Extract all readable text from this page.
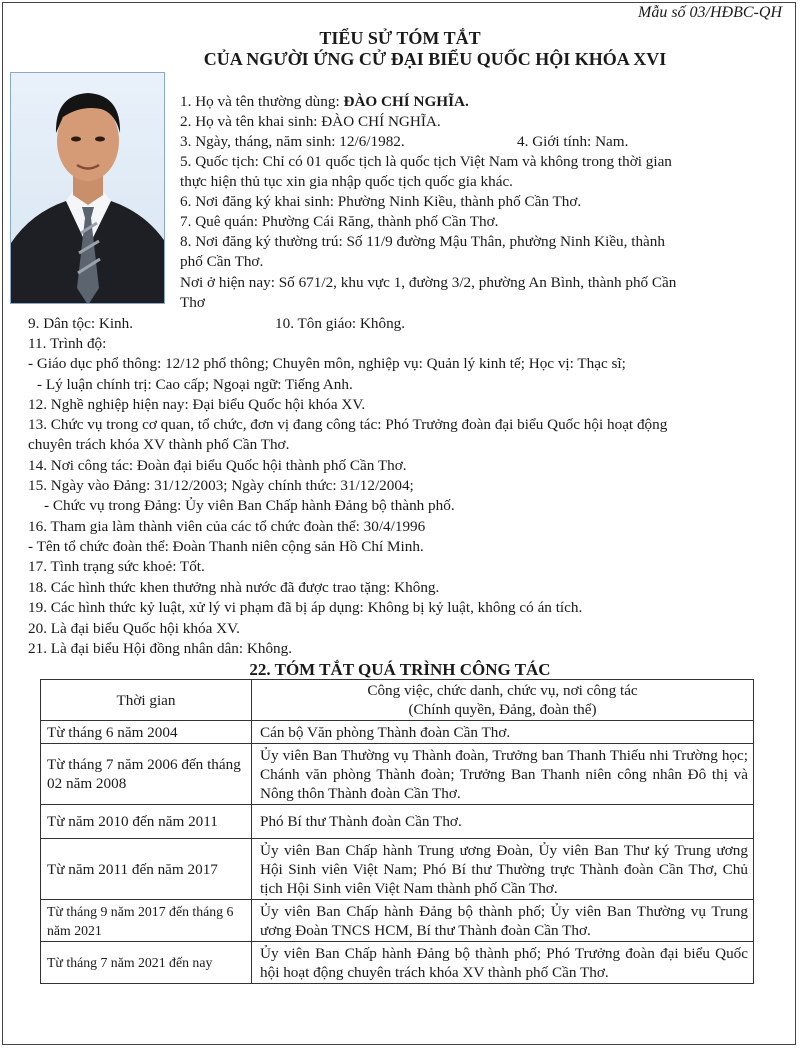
Mẫu số 03/HĐBC-QH
TIỂU SỬ TÓM TẮT
CỦA NGƯỜI ỨNG CỬ ĐẠI BIỂU QUỐC HỘI KHÓA XVI
1. Họ và tên thường dùng: ĐÀO CHÍ NGHĨA.
2. Họ và tên khai sinh: ĐÀO CHÍ NGHĨA.
3. Ngày, tháng, năm sinh: 12/6/1982.	4. Giới tính: Nam.
5. Quốc tịch: Chỉ có 01 quốc tịch là quốc tịch Việt Nam và không trong thời gian
thực hiện thủ tục xin gia nhập quốc tịch quốc gia khác.
6. Nơi đăng ký khai sinh: Phường Ninh Kiều, thành phố Cần Thơ.
7. Quê quán: Phường Cái Răng, thành phố Cần Thơ.
8. Nơi đăng ký thường trú: Số 11/9 đường Mậu Thân, phường Ninh Kiều, thành
phố Cần Thơ.
Nơi ở hiện nay: Số 671/2, khu vực 1, đường 3/2, phường An Bình, thành phố Cần
Thơ
9. Dân tộc: Kinh.	10. Tôn giáo: Không.
11. Trình độ:
- Giáo dục phổ thông: 12/12 phổ thông; Chuyên môn, nghiệp vụ: Quản lý kinh tế; Học vị: Thạc sĩ;
- Lý luận chính trị: Cao cấp; Ngoại ngữ: Tiếng Anh.
12. Nghề nghiệp hiện nay: Đại biểu Quốc hội khóa XV.
13. Chức vụ trong cơ quan, tổ chức, đơn vị đang công tác: Phó Trưởng đoàn đại biểu Quốc hội hoạt động
chuyên trách khóa XV thành phố Cần Thơ.
14. Nơi công tác: Đoàn đại biểu Quốc hội thành phố Cần Thơ.
15. Ngày vào Đảng: 31/12/2003; Ngày chính thức: 31/12/2004;
- Chức vụ trong Đảng: Ủy viên Ban Chấp hành Đảng bộ thành phố.
16. Tham gia làm thành viên của các tổ chức đoàn thể: 30/4/1996
- Tên tổ chức đoàn thể: Đoàn Thanh niên cộng sản Hồ Chí Minh.
17. Tình trạng sức khoẻ: Tốt.
18. Các hình thức khen thưởng nhà nước đã được trao tặng: Không.
19. Các hình thức kỷ luật, xử lý vi phạm đã bị áp dụng: Không bị kỷ luật, không có án tích.
20. Là đại biểu Quốc hội khóa XV.
21. Là đại biểu Hội đồng nhân dân: Không.
22. TÓM TẮT QUÁ TRÌNH CÔNG TÁC
Thời gian	Công việc, chức danh, chức vụ, nơi công tác
(Chính quyền, Đảng, đoàn thể)

Từ tháng 6 năm 2004	Cán bộ Văn phòng Thành đoàn Cần Thơ.
Từ tháng 7 năm 2006 đến tháng 02 năm 2008	Ủy viên Ban Thường vụ Thành đoàn, Trưởng ban Thanh Thiếu nhi Trường học; Chánh văn phòng Thành đoàn; Trưởng Ban Thanh niên công nhân Đô thị và Nông thôn Thành đoàn Cần Thơ.
Từ năm 2010 đến năm 2011	Phó Bí thư Thành đoàn Cần Thơ.
Từ năm 2011 đến năm 2017	Ủy viên Ban Chấp hành Trung ương Đoàn, Ủy viên Ban Thư ký Trung ương Hội Sinh viên Việt Nam; Phó Bí thư Thường trực Thành đoàn Cần Thơ, Chủ tịch Hội Sinh viên Việt Nam thành phố Cần Thơ.
Từ tháng 9 năm 2017 đến tháng 6 năm 2021	Ủy viên Ban Chấp hành Đảng bộ thành phố; Ủy viên Ban Thường vụ Trung ương Đoàn TNCS HCM, Bí thư Thành đoàn Cần Thơ.
Từ tháng 7 năm 2021 đến nay	Ủy viên Ban Chấp hành Đảng bộ thành phố; Phó Trưởng đoàn đại biểu Quốc hội hoạt động chuyên trách khóa XV thành phố Cần Thơ.
